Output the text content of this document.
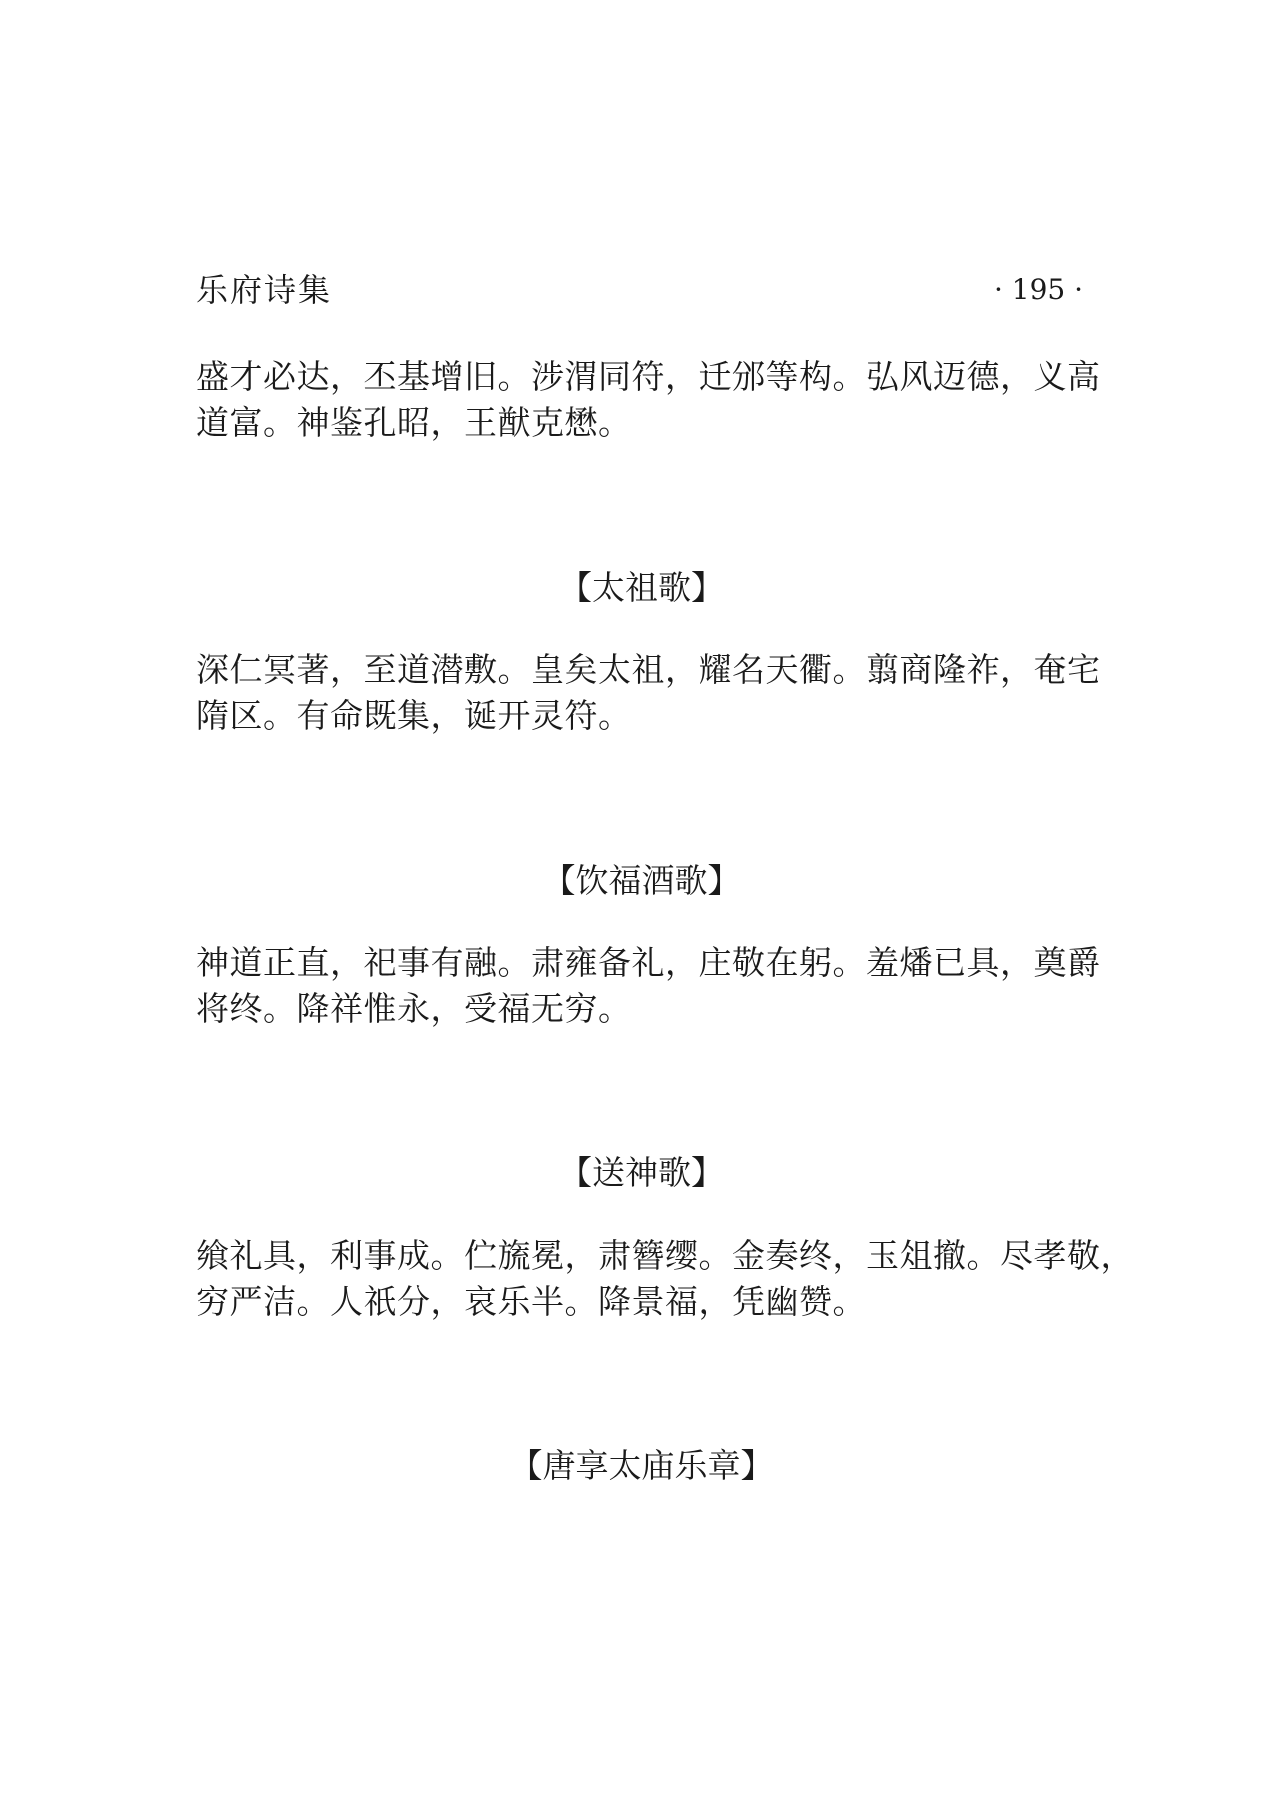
乐府诗集	· 195 ·

盛才必达，丕基增旧。涉渭同符，迁邠等构。弘风迈德，义高
道富。神鉴孔昭，王猷克懋。

【太祖歌】

深仁冥著，至道潜敷。皇矣太祖，耀名天衢。翦商隆祚，奄宅
隋区。有命既集，诞开灵符。

【饮福酒歌】

神道正直，祀事有融。肃雍备礼，庄敬在躬。羞燔已具，奠爵
将终。降祥惟永，受福无穷。

【送神歌】

飨礼具，利事成。伫旒冕，肃簪缨。金奏终，玉俎撤。尽孝敬，
穷严洁。人祇分，哀乐半。降景福，凭幽赞。

【唐享太庙乐章】
